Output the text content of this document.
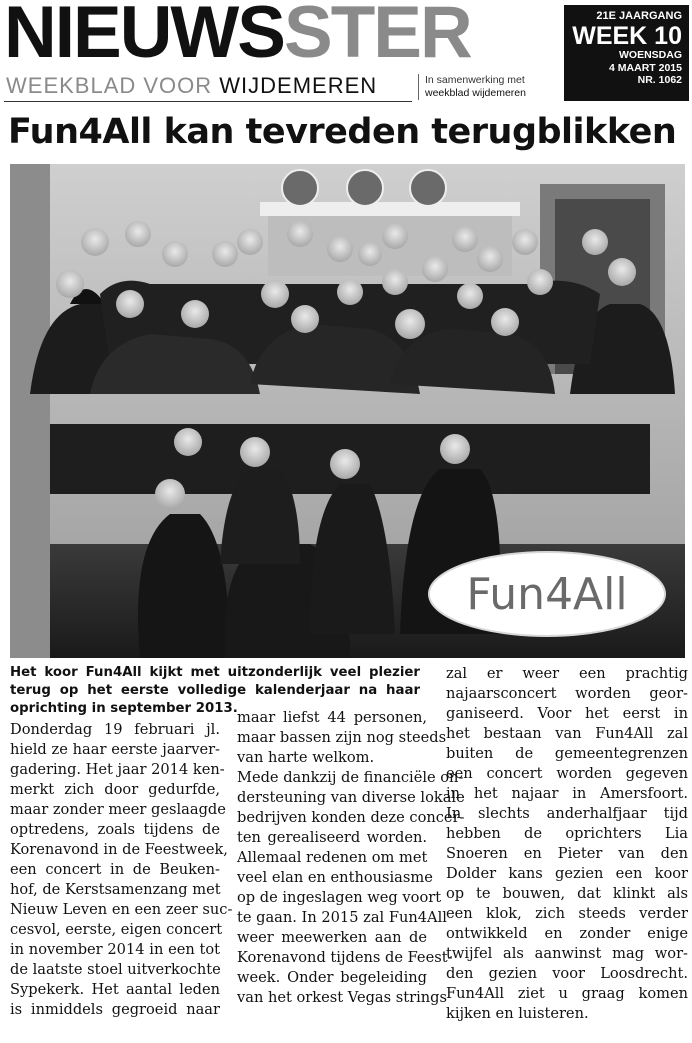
NIEUWSSTER
WEEKBLAD VOOR WIJDEMEREN	In samenwerking met
weekblad wijdemeren
21E JAARGANG
WEEK 10
WOENSDAG
4 MAART 2015
NR. 1062
Fun4All kan tevreden terugblikken
Fun4All
Het koor Fun4All kijkt met uitzonderlijk veel plezier terug op het eerste volledige kalenderjaar na haar oprichting in september 2013.
Donderdag 19 februari jl.
hield ze haar eerste jaarver-
gadering. Het jaar 2014 ken-
merkt zich door gedurfde,
maar zonder meer geslaagde
optredens, zoals tijdens de
Korenavond in de Feestweek,
een concert in de Beuken-
hof, de Kerstsamenzang met
Nieuw Leven en een zeer suc-
cesvol, eerste, eigen concert
in november 2014 in een tot
de laatste stoel uitverkochte
Sypekerk. Het aantal leden
is inmiddels gegroeid naar
maar liefst 44 personen,
maar bassen zijn nog steeds
van harte welkom.
Mede dankzij de financiële on-
dersteuning van diverse lokale
bedrijven konden deze concer-
ten gerealiseerd worden.
Allemaal redenen om met
veel elan en enthousiasme
op de ingeslagen weg voort
te gaan. In 2015 zal Fun4All
weer meewerken aan de
Korenavond tijdens de Feest-
week. Onder begeleiding
van het orkest Vegas strings
zal er weer een prachtig
najaarsconcert worden geor-
ganiseerd. Voor het eerst in
het bestaan van Fun4All zal
buiten de gemeentegrenzen
een concert worden gegeven
in het najaar in Amersfoort.
In slechts anderhalfjaar tijd
hebben de oprichters Lia
Snoeren en Pieter van den
Dolder kans gezien een koor
op te bouwen, dat klinkt als
een klok, zich steeds verder
ontwikkeld en zonder enige
twijfel als aanwinst mag wor-
den gezien voor Loosdrecht.
Fun4All ziet u graag komen
kijken en luisteren.
